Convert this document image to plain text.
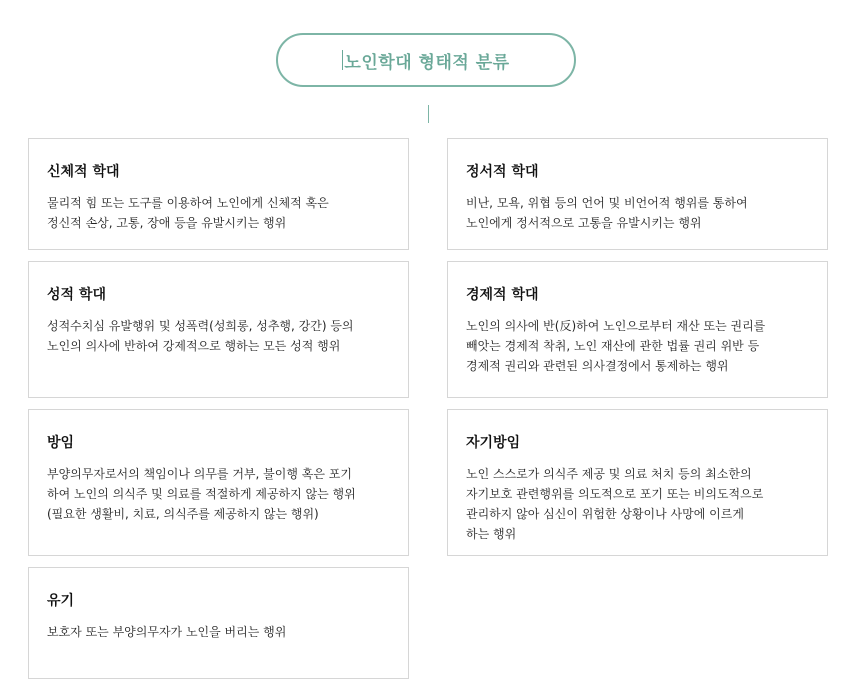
노인학대 형태적 분류
신체적 학대

물리적 힘 또는 도구를 이용하여 노인에게 신체적 혹은
정신적 손상, 고통, 장애 등을 유발시키는 행위

정서적 학대

비난, 모욕, 위협 등의 언어 및 비언어적 행위를 통하여
노인에게 정서적으로 고통을 유발시키는 행위

성적 학대

성적수치심 유발행위 및 성폭력(성희롱, 성추행, 강간) 등의
노인의 의사에 반하여 강제적으로 행하는 모든 성적 행위

경제적 학대

노인의 의사에 반(反)하여 노인으로부터 재산 또는 권리를
빼앗는 경제적 착취, 노인 재산에 관한 법률 권리 위반 등
경제적 권리와 관련된 의사결정에서 통제하는 행위

방임

부양의무자로서의 책임이나 의무를 거부, 불이행 혹은 포기
하여 노인의 의식주 및 의료를 적절하게 제공하지 않는 행위
(필요한 생활비, 치료, 의식주를 제공하지 않는 행위)

자기방임

노인 스스로가 의식주 제공 및 의료 처치 등의 최소한의
자기보호 관련행위를 의도적으로 포기 또는 비의도적으로
관리하지 않아 심신이 위험한 상황이나 사망에 이르게
하는 행위

유기

보호자 또는 부양의무자가 노인을 버리는 행위
